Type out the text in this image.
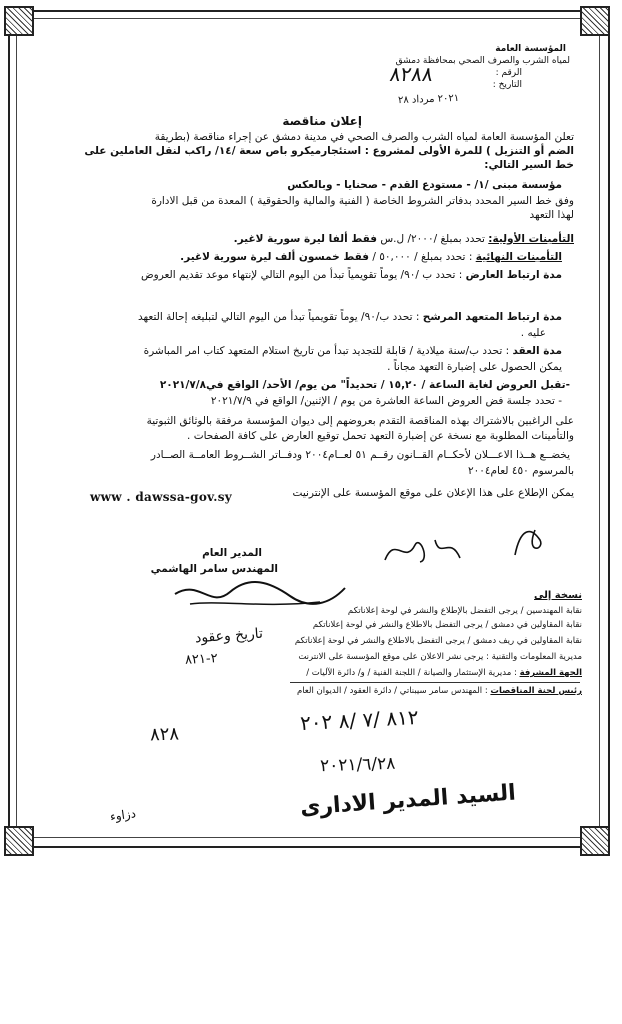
المؤسسة العامة
لمياه الشرب والصرف الصحي بمحافظة دمشق
الرقم :
التاريخ :
٨٢٨٨
٢٠٢١ مرداد ٢٨
إعلان مناقصة
تعلن المؤسسة العامة لمياه الشرب والصرف الصحي في مدينة دمشق عن إجراء مناقصة (بطريقة
الضم أو التنزيل ) للمرة الأولى لمشروع : استئجارميكرو باص سعة /١٤/ راكب لنقل العاملين على
خط السير التالي:
مؤسسة مبنى /١/ - مستودع القدم - صحنايا - وبالعكس
وفق خط السير المحدد بدفاتر الشروط الخاصة ( الفنية والمالية والحقوقية ) المعدة من قبل الادارة
لهذا التعهد
التأمينات الأولية: تحدد بمبلغ /٢٠٠٠/ ل.س فقط ألفا ليرة سورية لاغير.
التأمينات النهائية : تحدد بمبلغ / ٥٠,٠٠٠ / فقط خمسون ألف ليرة سورية لاغير.
مدة ارتباط العارض : تحدد ب /٩٠/ يوماً تقويمياً تبدأ من اليوم التالي لإنتهاء موعد تقديم العروض
مدة ارتباط المتعهد المرشح : تحدد ب/٩٠/ يوماً تقويمياً تبدأ من اليوم التالي لتبليغه إحالة التعهد
عليه .
مدة العقد : تحدد ب/سنة ميلادية / قابلة للتجديد تبدأ من تاريخ استلام المتعهد كتاب امر المباشرة
يمكن الحصول على إضبارة التعهد مجاناً .
-تقبل العروض لغاية الساعة / ١٥,٢٠ / تحديداً" من يوم/ الأحد/ الواقع في٢٠٢١/٧/٨
- تحدد جلسة فض العروض الساعة العاشرة من يوم / الإثنين/ الواقع في ٢٠٢١/٧/٩
على الراغبين بالاشتراك بهذه المناقصة التقدم بعروضهم إلى ديوان المؤسسة مرفقة بالوثائق الثبوتية
والتأمينات المطلوبة مع نسخة عن إضبارة التعهد تحمل توقيع العارض على كافة الصفحات .
يخضــع هــذا الاعـــلان لأحكــام القــانون رقــم ٥١ لعــام٢٠٠٤ ودفــاتر الشــروط العامــة الصــادر
بالمرسوم ٤٥٠ لعام٢٠٠٤
يمكن الإطلاع على هذا الإعلان على موقع المؤسسة على الإنترنيت
www . dawssa-gov.sy
المدير العام
المهندس سامر الهاشمي
نسخة إلى
نقابة المهندسين / يرجى التفضل بالإطلاع والنشر في لوحة إعلاناتكم
نقابة المقاولين في دمشق / يرجى التفضل بالاطلاع والنشر في لوحة إعلاناتكم
نقابة المقاولين في ريف دمشق / يرجى التفضل بالاطلاع والنشر في لوحة إعلاناتكم
مديرية المعلومات والتقنية : يرجى نشر الاعلان على موقع المؤسسة على الانترنت
الجهة المشرفة : مديرية الإستثمار والصيانة / اللجنة الفنية / و/ دائرة الآليات /
رئيس لجنة المناقصات : المهندس سامر سيبناتي / دائرة العقود / الديوان العام
تاريخ وعقود
٢-٨٢١
٨٢٨	٨١٢ /٧ /٨ ٢٠٢
٢٠٢١/٦/٢٨
السيد المدير الادارى
دزاوء
